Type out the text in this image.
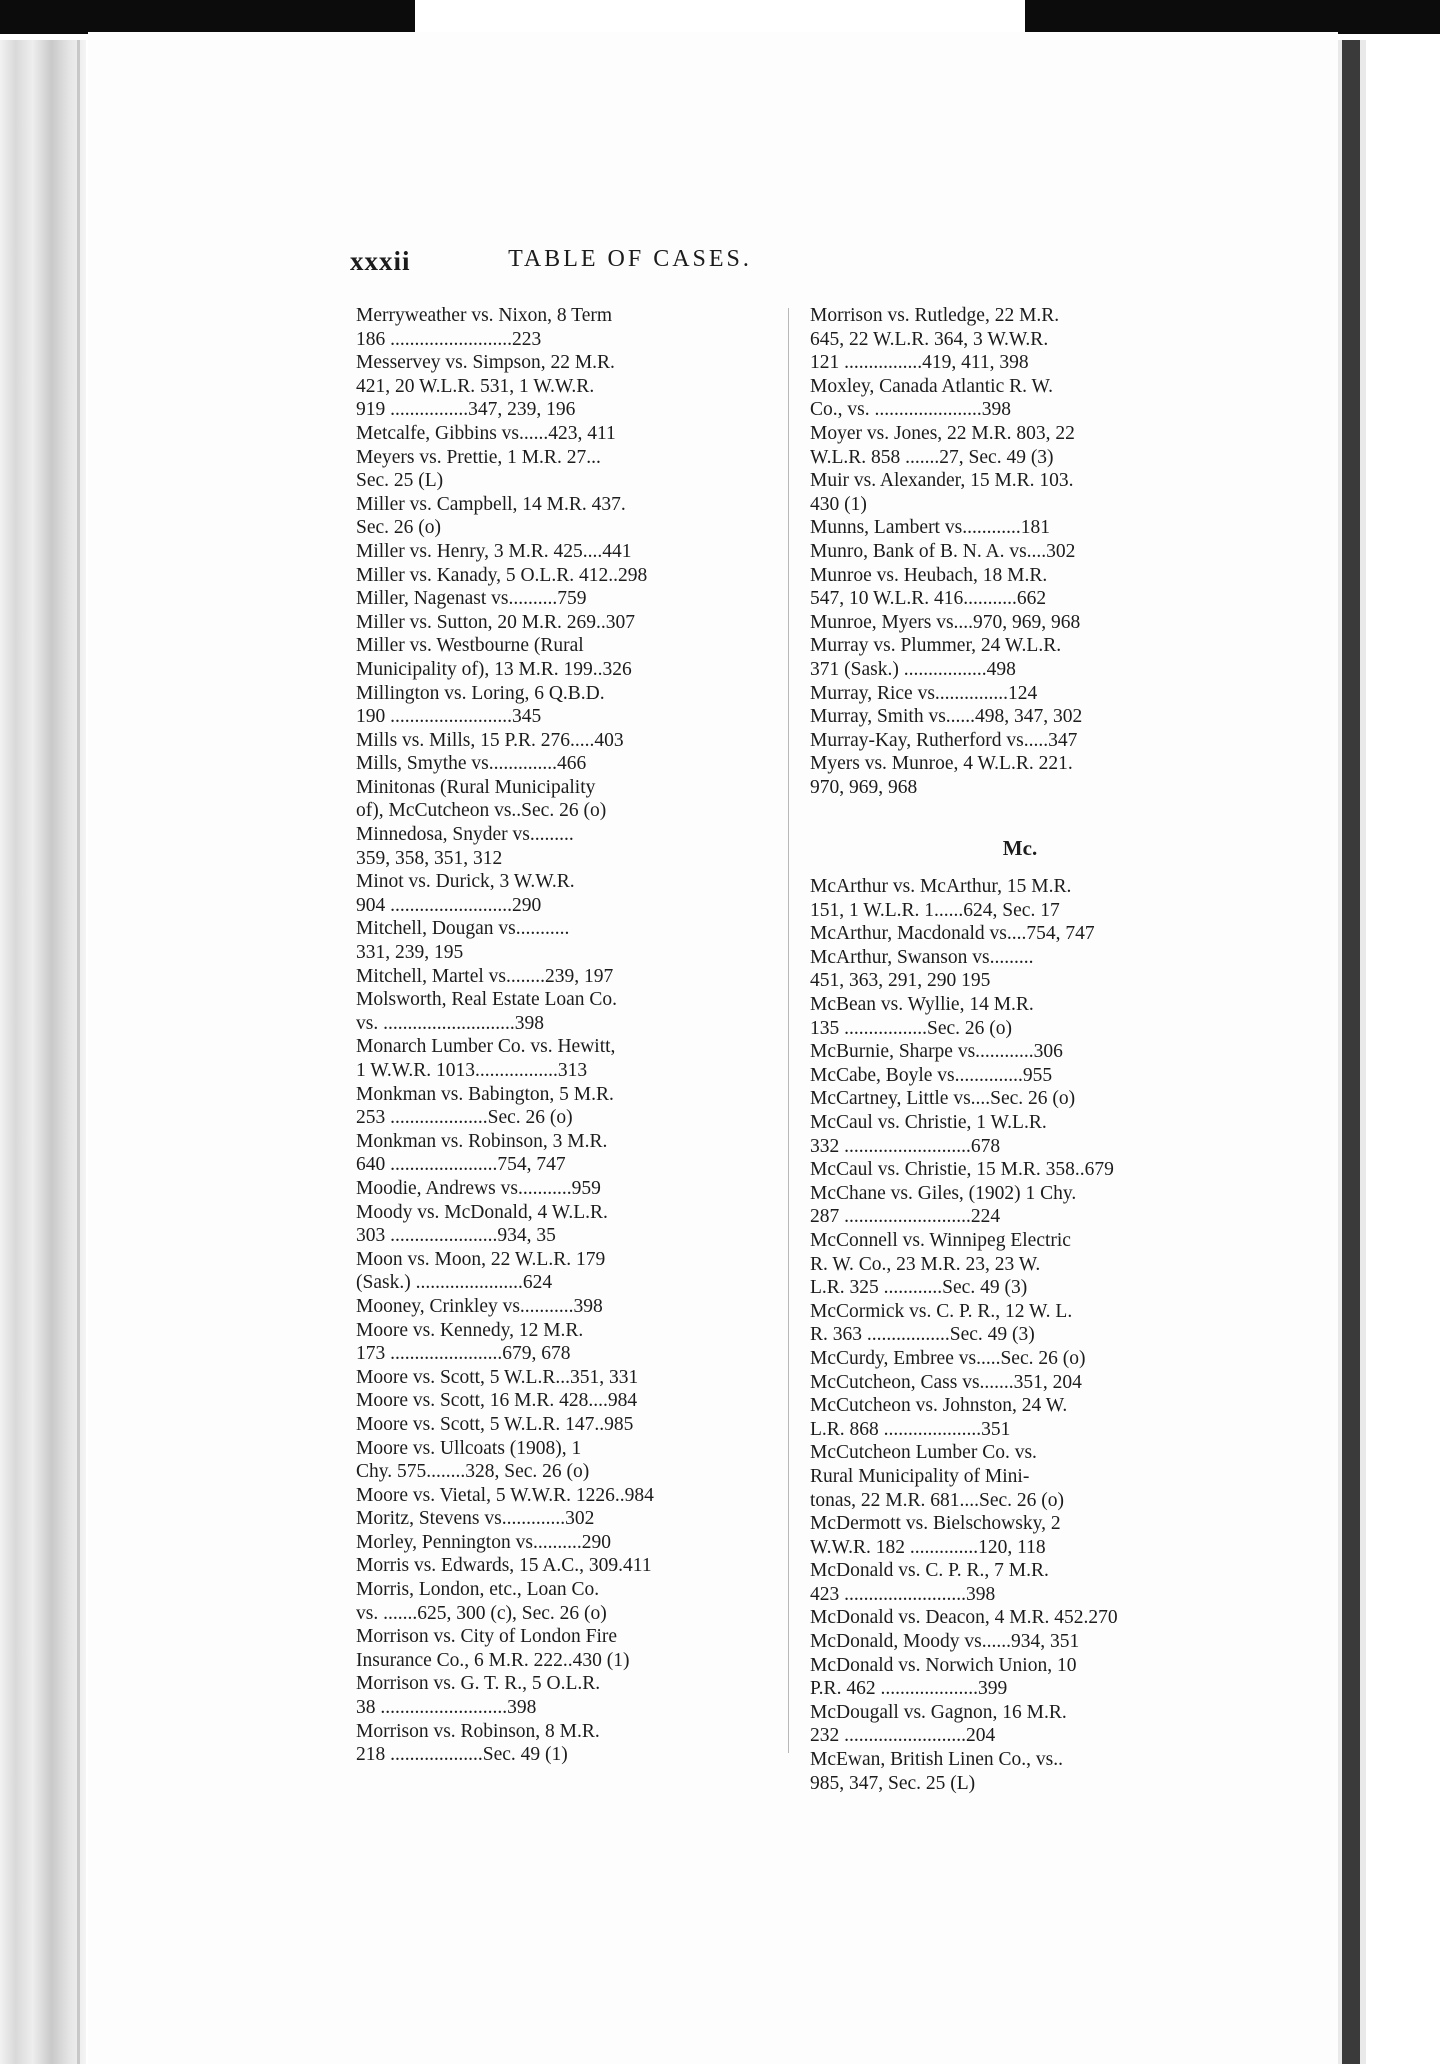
xxxii	TABLE OF CASES.
Merryweather vs. Nixon, 8 Term
186 .........................223
Messervey vs. Simpson, 22 M.R.
421, 20 W.L.R. 531, 1 W.W.R.
919 ................347, 239, 196
Metcalfe, Gibbins vs......423, 411
Meyers vs. Prettie, 1 M.R. 27...
Sec. 25 (L)
Miller vs. Campbell, 14 M.R. 437.
Sec. 26 (o)
Miller vs. Henry, 3 M.R. 425....441
Miller vs. Kanady, 5 O.L.R. 412..298
Miller, Nagenast vs..........759
Miller vs. Sutton, 20 M.R. 269..307
Miller vs. Westbourne (Rural
Municipality of), 13 M.R. 199..326
Millington vs. Loring, 6 Q.B.D.
190 .........................345
Mills vs. Mills, 15 P.R. 276.....403
Mills, Smythe vs..............466
Minitonas (Rural Municipality
of), McCutcheon vs..Sec. 26 (o)
Minnedosa, Snyder vs.........
359, 358, 351, 312
Minot vs. Durick, 3 W.W.R.
904 .........................290
Mitchell, Dougan vs...........
331, 239, 195
Mitchell, Martel vs........239, 197
Molsworth, Real Estate Loan Co.
vs. ...........................398
Monarch Lumber Co. vs. Hewitt,
1 W.W.R. 1013.................313
Monkman vs. Babington, 5 M.R.
253 ....................Sec. 26 (o)
Monkman vs. Robinson, 3 M.R.
640 ......................754, 747
Moodie, Andrews vs...........959
Moody vs. McDonald, 4 W.L.R.
303 ......................934, 35
Moon vs. Moon, 22 W.L.R. 179
(Sask.) ......................624
Mooney, Crinkley vs...........398
Moore vs. Kennedy, 12 M.R.
173 .......................679, 678
Moore vs. Scott, 5 W.L.R...351, 331
Moore vs. Scott, 16 M.R. 428....984
Moore vs. Scott, 5 W.L.R. 147..985
Moore vs. Ullcoats (1908), 1
Chy. 575........328, Sec. 26 (o)
Moore vs. Vietal, 5 W.W.R. 1226..984
Moritz, Stevens vs.............302
Morley, Pennington vs..........290
Morris vs. Edwards, 15 A.C., 309.411
Morris, London, etc., Loan Co.
vs. .......625, 300 (c), Sec. 26 (o)
Morrison vs. City of London Fire
Insurance Co., 6 M.R. 222..430 (1)
Morrison vs. G. T. R., 5 O.L.R.
38 ..........................398
Morrison vs. Robinson, 8 M.R.
218 ...................Sec. 49 (1)
Morrison vs. Rutledge, 22 M.R.
645, 22 W.L.R. 364, 3 W.W.R.
121 ................419, 411, 398
Moxley, Canada Atlantic R. W.
Co., vs. ......................398
Moyer vs. Jones, 22 M.R. 803, 22
W.L.R. 858 .......27, Sec. 49 (3)
Muir vs. Alexander, 15 M.R. 103.
430 (1)
Munns, Lambert vs............181
Munro, Bank of B. N. A. vs....302
Munroe vs. Heubach, 18 M.R.
547, 10 W.L.R. 416...........662
Munroe, Myers vs....970, 969, 968
Murray vs. Plummer, 24 W.L.R.
371 (Sask.) .................498
Murray, Rice vs...............124
Murray, Smith vs......498, 347, 302
Murray-Kay, Rutherford vs.....347
Myers vs. Munroe, 4 W.L.R. 221.
970, 969, 968
Mc.
McArthur vs. McArthur, 15 M.R.
151, 1 W.L.R. 1......624, Sec. 17
McArthur, Macdonald vs....754, 747
McArthur, Swanson vs.........
451, 363, 291, 290 195
McBean vs. Wyllie, 14 M.R.
135 .................Sec. 26 (o)
McBurnie, Sharpe vs............306
McCabe, Boyle vs..............955
McCartney, Little vs....Sec. 26 (o)
McCaul vs. Christie, 1 W.L.R.
332 ..........................678
McCaul vs. Christie, 15 M.R. 358..679
McChane vs. Giles, (1902) 1 Chy.
287 ..........................224
McConnell vs. Winnipeg Electric
R. W. Co., 23 M.R. 23, 23 W.
L.R. 325 ............Sec. 49 (3)
McCormick vs. C. P. R., 12 W. L.
R. 363 .................Sec. 49 (3)
McCurdy, Embree vs.....Sec. 26 (o)
McCutcheon, Cass vs.......351, 204
McCutcheon vs. Johnston, 24 W.
L.R. 868 ....................351
McCutcheon Lumber Co. vs.
Rural Municipality of Mini-
tonas, 22 M.R. 681....Sec. 26 (o)
McDermott vs. Bielschowsky, 2
W.W.R. 182 ..............120, 118
McDonald vs. C. P. R., 7 M.R.
423 .........................398
McDonald vs. Deacon, 4 M.R. 452.270
McDonald, Moody vs......934, 351
McDonald vs. Norwich Union, 10
P.R. 462 ....................399
McDougall vs. Gagnon, 16 M.R.
232 .........................204
McEwan, British Linen Co., vs..
985, 347, Sec. 25 (L)
